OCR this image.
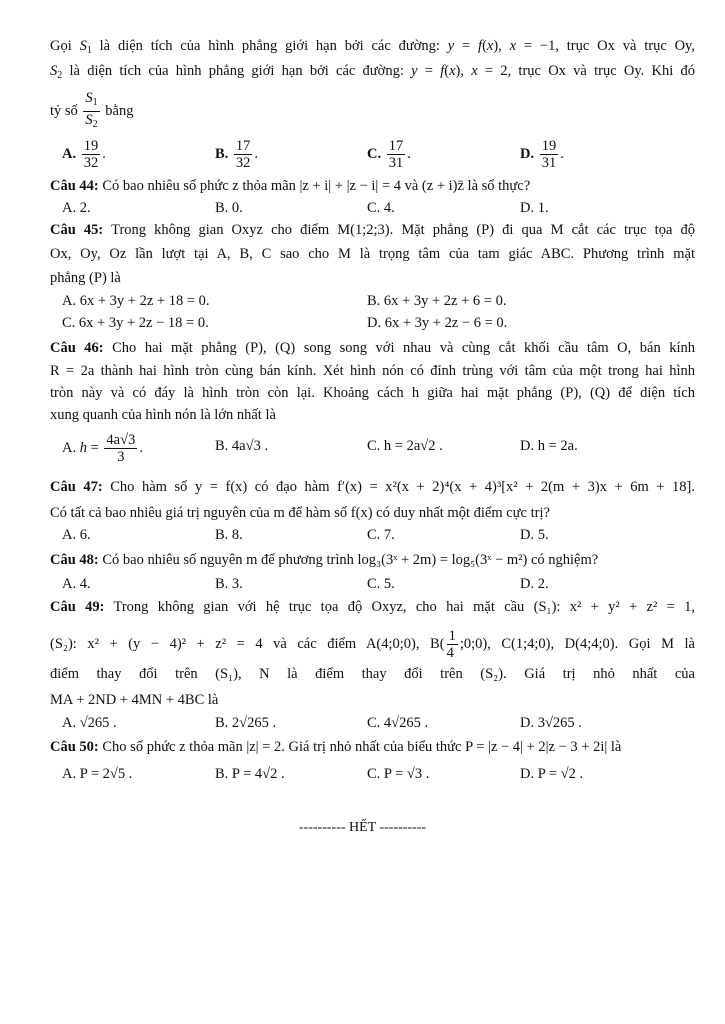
Gọi $S_1$ là diện tích của hình phẳng giới hạn bởi các đường: y = f(x), x = −1, trục Ox và trục Oy,
$S_2$ là diện tích của hình phẳng giới hạn bởi các đường: y = f(x), x = 2, trục Ox và trục Oy. Khi đó
tỷ số $\frac{S_1}{S_2}$ bằng
A. $\frac{19}{32}$ .	B. $\frac{17}{32}$ .	C. $\frac{17}{31}$ .	D. $\frac{19}{31}$ .
Câu 44: Có bao nhiêu số phức z thỏa mãn |z + i| + |z − i| = 4 và (z + i)z̄ là số thực?
A. 2.	B. 0.	C. 4.	D. 1.
Câu 45: Trong không gian Oxyz cho điểm M(1;2;3). Mặt phẳng (P) đi qua M cắt các trục tọa độ
Ox, Oy, Oz lần lượt tại A, B, C sao cho M là trọng tâm của tam giác ABC. Phương trình mặt
phẳng (P) là
A. 6x + 3y + 2z + 18 = 0.	B. 6x + 3y + 2z + 6 = 0.
C. 6x + 3y + 2z − 18 = 0.	D. 6x + 3y + 2z − 6 = 0.
Câu 46: Cho hai mặt phẳng (P), (Q) song song với nhau và cùng cắt khối cầu tâm O, bán kính
R = 2a thành hai hình tròn cùng bán kính. Xét hình nón có đỉnh trùng với tâm của một trong hai hình
tròn này và có đáy là hình tròn còn lại. Khoảng cách h giữa hai mặt phẳng (P), (Q) để diện tích
xung quanh của hình nón là lớn nhất là
A. $h = \frac{4a√3}{3}$ .	B. 4a√3 .	C. h = 2a√2 .	D. h = 2a.
Câu 47: Cho hàm số y = f(x) có đạo hàm f′(x) = x²(x + 2)⁴(x + 4)³[x² + 2(m + 3)x + 6m + 18].
Có tất cả bao nhiêu giá trị nguyên của m để hàm số f(x) có duy nhất một điểm cực trị?
A. 6.	B. 8.	C. 7.	D. 5.
Câu 48: Có bao nhiêu số nguyên m để phương trình log₃(3ˣ + 2m) = log₅(3ˣ − m²) có nghiệm?
A. 4.	B. 3.	C. 5.	D. 2.
Câu 49: Trong không gian với hệ trục tọa độ Oxyz, cho hai mặt cầu (S₁): x² + y² + z² = 1,
(S₂): x² + (y − 4)² + z² = 4 và các điểm A(4;0;0), $B( \frac{1}{4}$ ;0;0), C(1;4;0), D(4;4;0). Gọi M là
điểm thay đổi trên (S₁), N là điểm thay đổi trên (S₂). Giá trị nhỏ nhất của
MA + 2ND + 4MN + 4BC là
A. √265 .	B. 2√265 .	C. 4√265 .	D. 3√265 .
Câu 50: Cho số phức z thỏa mãn |z| = 2. Giá trị nhỏ nhất của biểu thức P = |z − 4| + 2|z − 3 + 2i| là
A. P = 2√5 .	B. P = 4√2 .	C. P = √3 .	D. P = √2 .
---------- HẾT ----------
